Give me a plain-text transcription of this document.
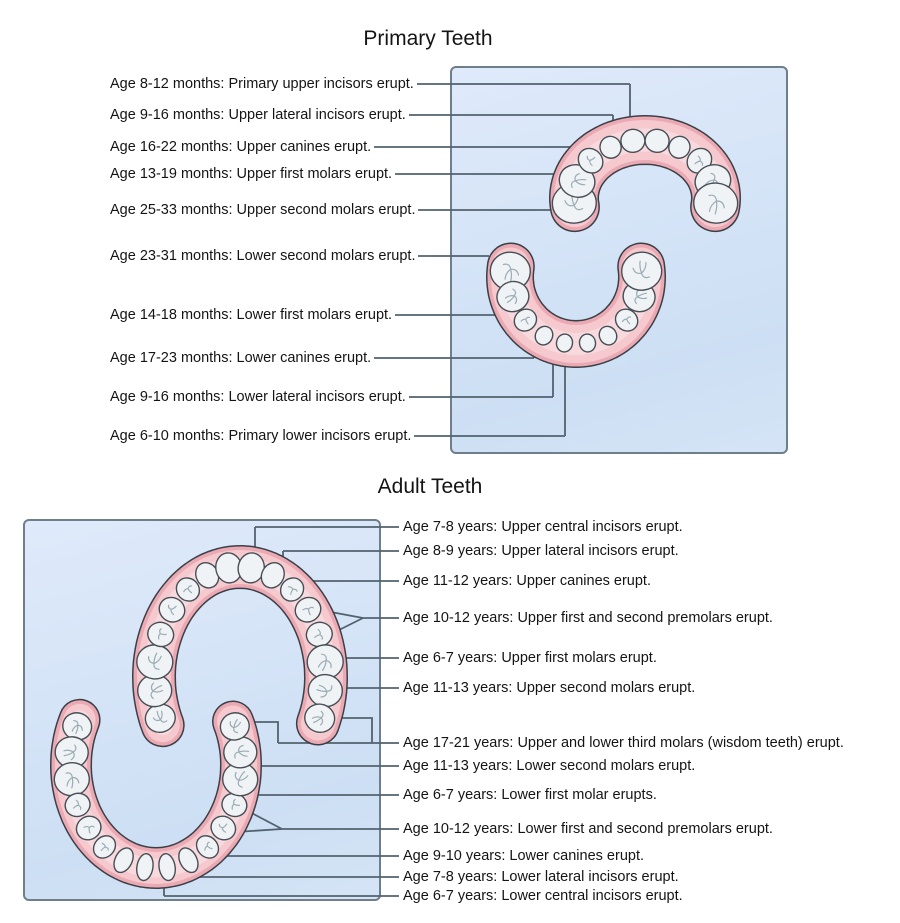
Primary Teeth
Adult Teeth
Age 8-12 months: Primary upper incisors erupt.
Age 9-16 months: Upper lateral incisors erupt.
Age 16-22 months: Upper canines erupt.
Age 13-19 months: Upper first molars erupt.
Age 25-33 months: Upper second molars erupt.
Age 23-31 months: Lower second molars erupt.
Age 14-18 months: Lower first molars erupt.
Age 17-23 months: Lower canines erupt.
Age 9-16 months: Lower lateral incisors erupt.
Age 6-10 months: Primary lower incisors erupt.
Age 7-8 years: Upper central incisors erupt.
Age 8-9 years: Upper lateral incisors erupt.
Age 11-12 years: Upper canines erupt.
Age 10-12 years: Upper first and second premolars erupt.
Age 6-7 years: Upper first molars erupt.
Age 11-13 years: Upper second molars erupt.
Age 17-21 years: Upper and lower third molars (wisdom teeth) erupt.
Age 11-13 years: Lower second molars erupt.
Age 6-7 years: Lower first molar erupts.
Age 10-12 years: Lower first and second premolars erupt.
Age 9-10 years: Lower canines erupt.
Age 7-8 years: Lower lateral incisors erupt.
Age 6-7 years: Lower central incisors erupt.
